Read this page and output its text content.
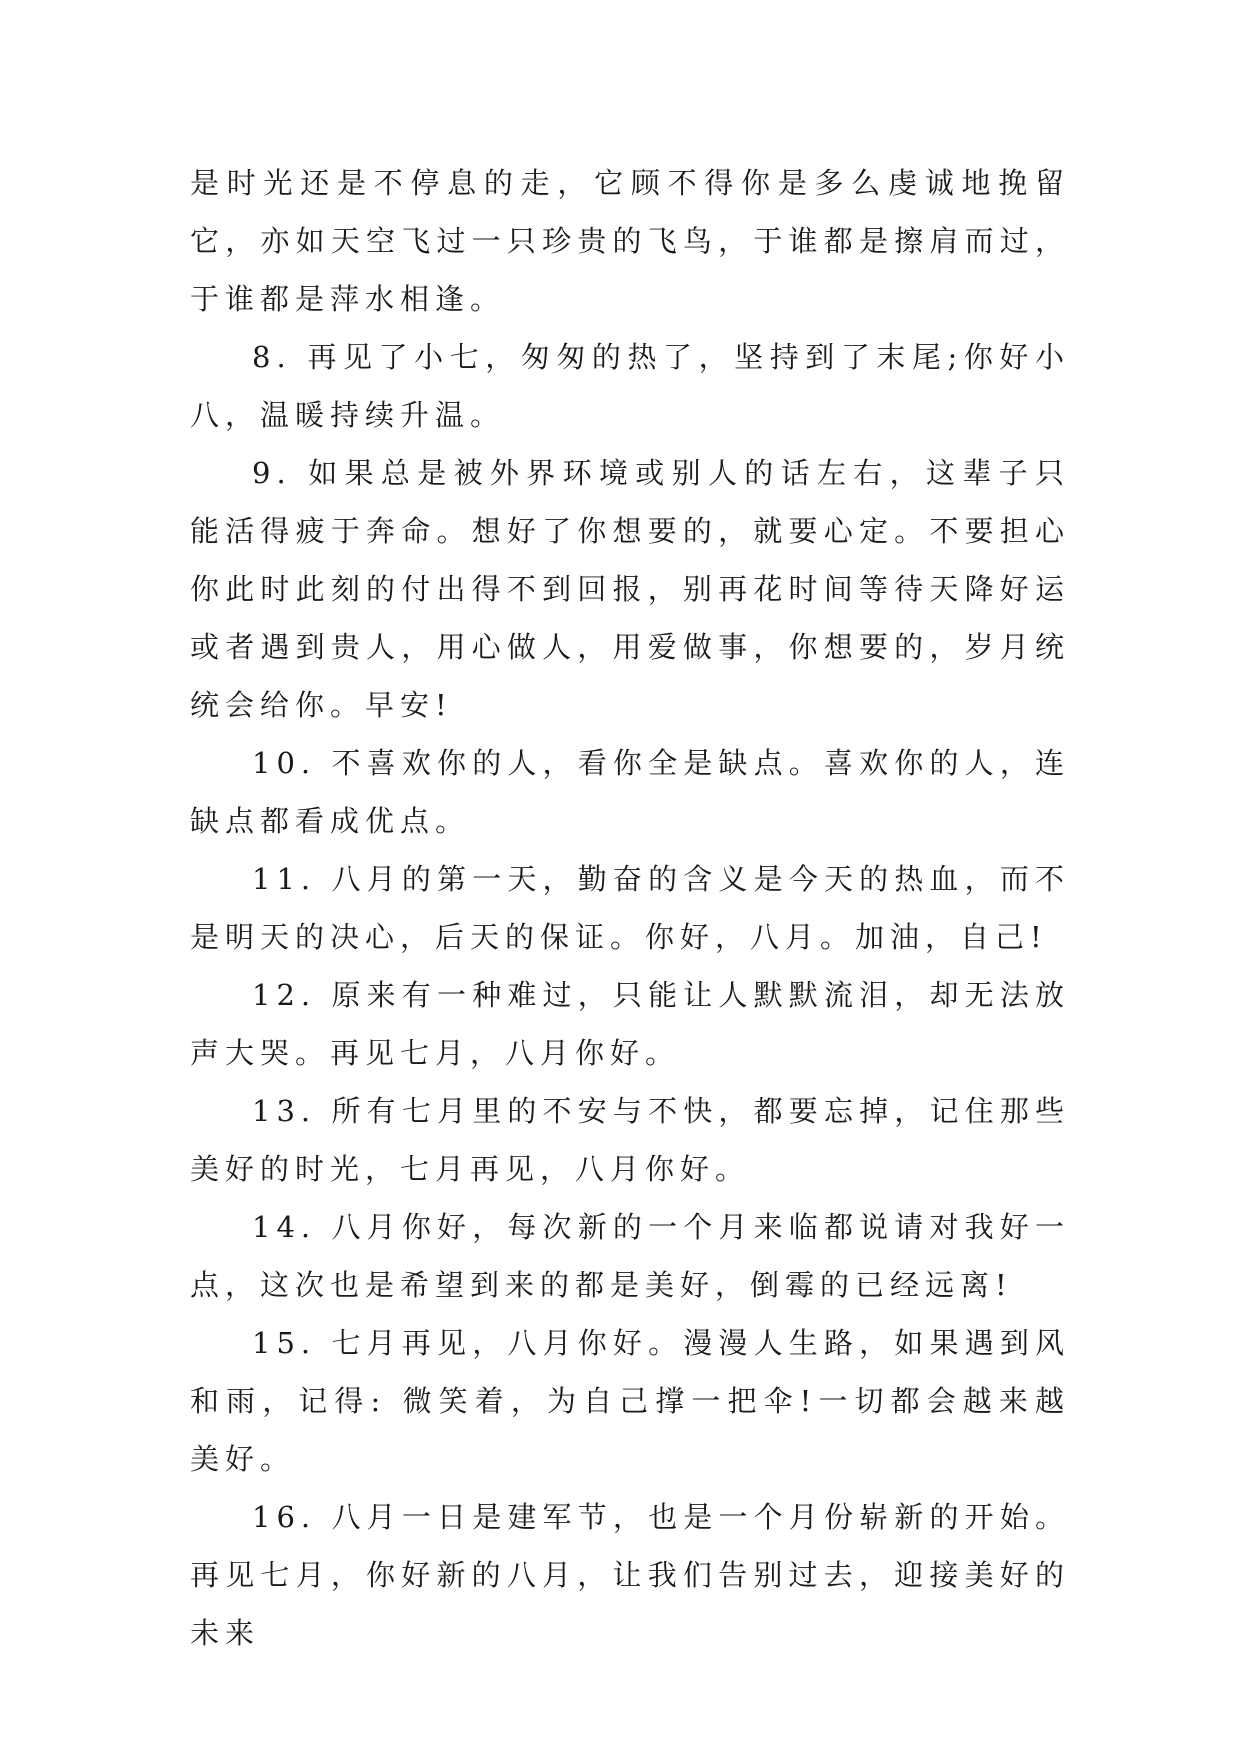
是时光还是不停息的走，它顾不得你是多么虔诚地挽留它，亦如天空飞过一只珍贵的飞鸟，于谁都是擦肩而过，于谁都是萍水相逢。

8. 再见了小七，匆匆的热了，坚持到了末尾;你好小八，温暖持续升温。

9. 如果总是被外界环境或别人的话左右，这辈子只能活得疲于奔命。想好了你想要的，就要心定。不要担心你此时此刻的付出得不到回报，别再花时间等待天降好运或者遇到贵人，用心做人，用爱做事，你想要的，岁月统统会给你。早安!

10. 不喜欢你的人，看你全是缺点。喜欢你的人，连缺点都看成优点。

11. 八月的第一天，勤奋的含义是今天的热血，而不是明天的决心，后天的保证。你好，八月。加油，自己!

12. 原来有一种难过，只能让人默默流泪，却无法放声大哭。再见七月，八月你好。

13. 所有七月里的不安与不快，都要忘掉，记住那些美好的时光，七月再见，八月你好。

14. 八月你好，每次新的一个月来临都说请对我好一点，这次也是希望到来的都是美好，倒霉的已经远离!

15. 七月再见，八月你好。漫漫人生路，如果遇到风和雨，记得: 微笑着，为自己撑一把伞!一切都会越来越美好。

16. 八月一日是建军节，也是一个月份崭新的开始。再见七月，你好新的八月，让我们告别过去，迎接美好的未来
